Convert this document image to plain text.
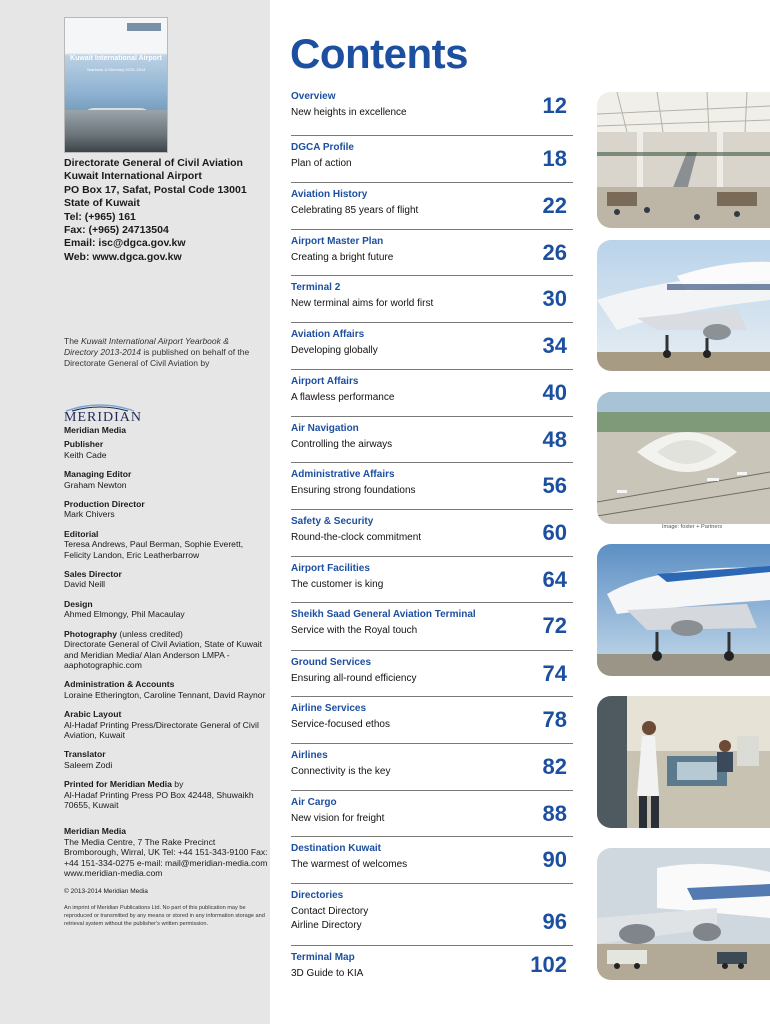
Kuwait International Airport
Yearbook & Directory 2013–2014
Directorate General of Civil Aviation
Kuwait International Airport
PO Box 17, Safat, Postal Code 13001
State of Kuwait
Tel: (+965) 161
Fax: (+965) 24713504
Email: isc@dgca.gov.kw
Web: www.dgca.gov.kw
The Kuwait International Airport Yearbook & Directory 2013-2014 is published on behalf of the Directorate General of Civil Aviation by
MERIDIAN
Meridian Media
Publisher
Keith Cade
Managing Editor
Graham Newton
Production Director
Mark Chivers
Editorial
Teresa Andrews, Paul Berman, Sophie Everett, Felicity Landon, Eric Leatherbarrow
Sales Director
David Neill
Design
Ahmed Elmongy, Phil Macaulay
Photography (unless credited)
Directorate General of Civil Aviation, State of Kuwait and Meridian Media/ Alan Anderson LMPA - aaphotographic.com
Administration & Accounts
Loraine Etherington, Caroline Tennant, David Raynor
Arabic Layout
Al-Hadaf Printing Press/Directorate General of Civil Aviation, Kuwait
Translator
Saleem Zodi
Printed for Meridian Media by
Al-Hadaf Printing Press PO Box 42448, Shuwaikh 70655, Kuwait
Meridian Media
The Media Centre, 7 The Rake Precinct Bromborough, Wirral, UK Tel: +44 151-343-9100 Fax: +44 151-334-0275 e-mail: mail@meridian-media.com www.meridian-media.com
© 2013-2014 Meridian Media
An imprint of Meridian Publications Ltd. No part of this publication may be reproduced or transmitted by any means or stored in any information storage and retrieval system without the publisher's written permission.
Contents
Overview
New heights in excellence	12
DGCA Profile
Plan of action	18
Aviation History
Celebrating 85 years of flight	22
Airport Master Plan
Creating a bright future	26
Terminal 2
New terminal aims for world first	30
Aviation Affairs
Developing globally	34
Airport Affairs
A flawless performance	40
Air Navigation
Controlling the airways	48
Administrative Affairs
Ensuring strong foundations	56
Safety & Security
Round-the-clock commitment	60
Airport Facilities
The customer is king	64
Sheikh Saad General Aviation Terminal
Service with the Royal touch	72
Ground Services
Ensuring all-round efficiency	74
Airline Services
Service-focused ethos	78
Airlines
Connectivity is the key	82
Air Cargo
New vision for freight	88
Destination Kuwait
The warmest of welcomes	90
Directories
Contact Directory
Airline Directory	96
Terminal Map
3D Guide to KIA	102
Image: foster + Partners
